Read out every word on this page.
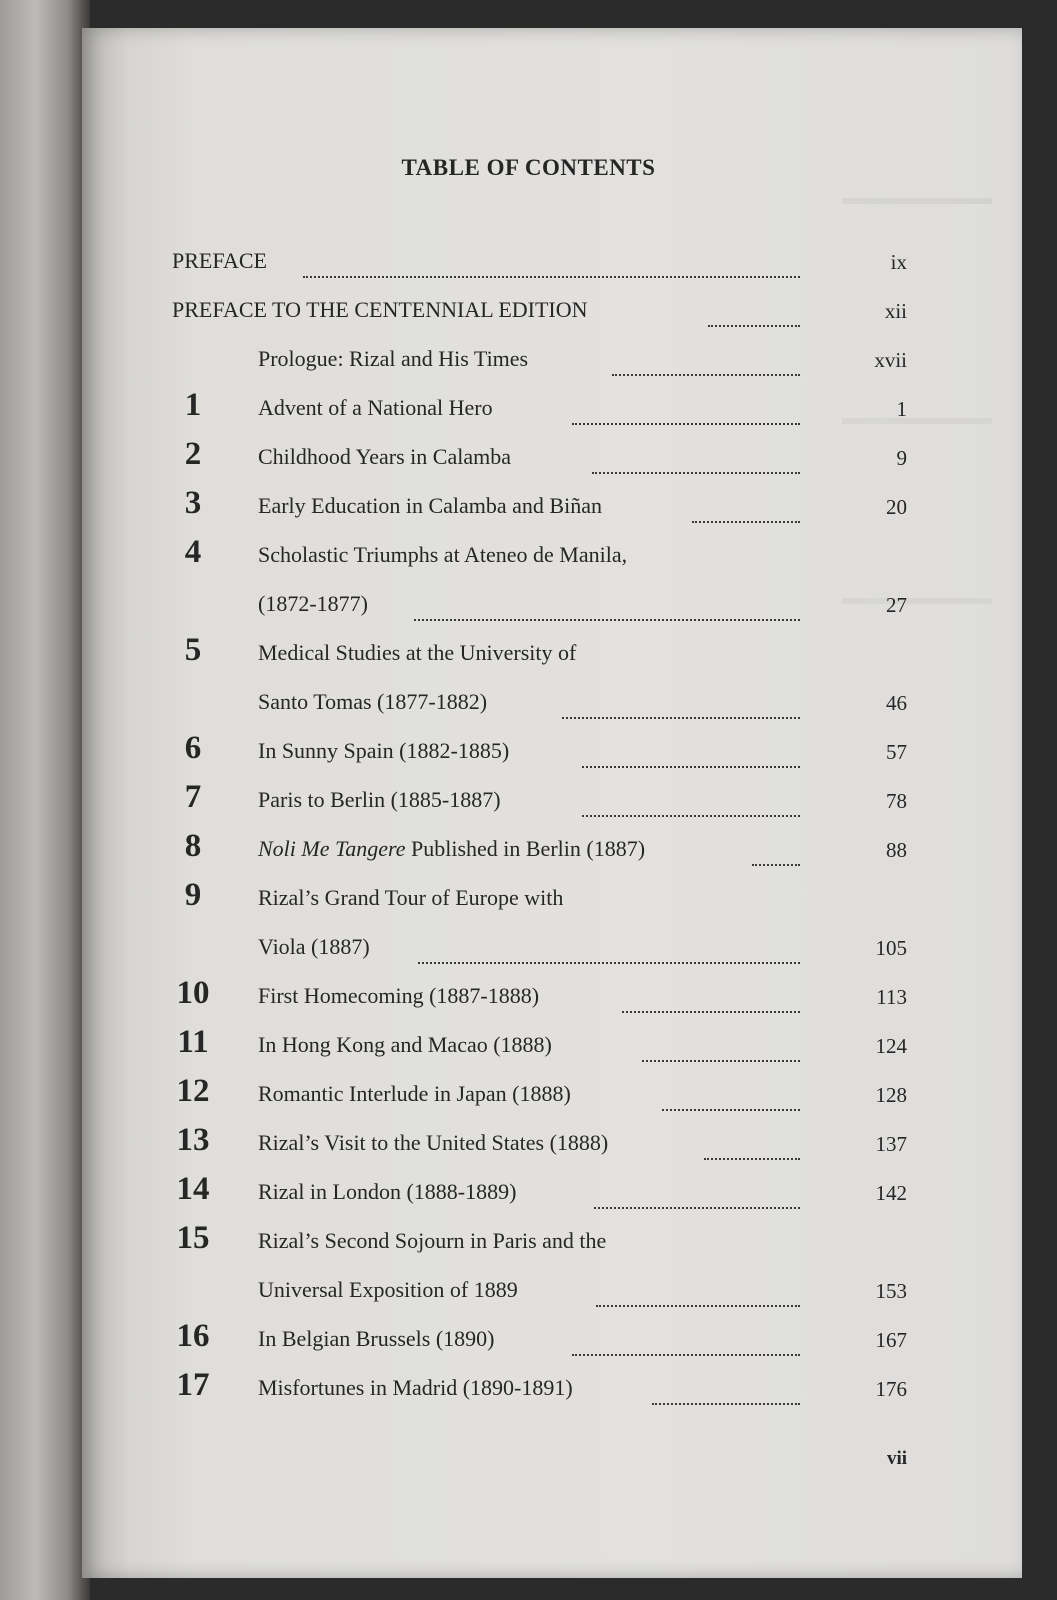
TABLE OF CONTENTS
PREFACE	ix
PREFACE TO THE CENTENNIAL EDITION	xii
Prologue: Rizal and His Times	xvii
1	Advent of a National Hero	1
2	Childhood Years in Calamba	9
3	Early Education in Calamba and Biñan	20
4	Scholastic Triumphs at Ateneo de Manila,
(1872-1877)	27
5	Medical Studies at the University of
Santo Tomas (1877-1882)	46
6	In Sunny Spain (1882-1885)	57
7	Paris to Berlin (1885-1887)	78
8	Noli Me Tangere Published in Berlin (1887)	88
9	Rizal’s Grand Tour of Europe with
Viola (1887)	105
10	First Homecoming (1887-1888)	113
11	In Hong Kong and Macao (1888)	124
12	Romantic Interlude in Japan (1888)	128
13	Rizal’s Visit to the United States (1888)	137
14	Rizal in London (1888-1889)	142
15	Rizal’s Second Sojourn in Paris and the
Universal Exposition of 1889	153
16	In Belgian Brussels (1890)	167
17	Misfortunes in Madrid (1890-1891)	176
vii
